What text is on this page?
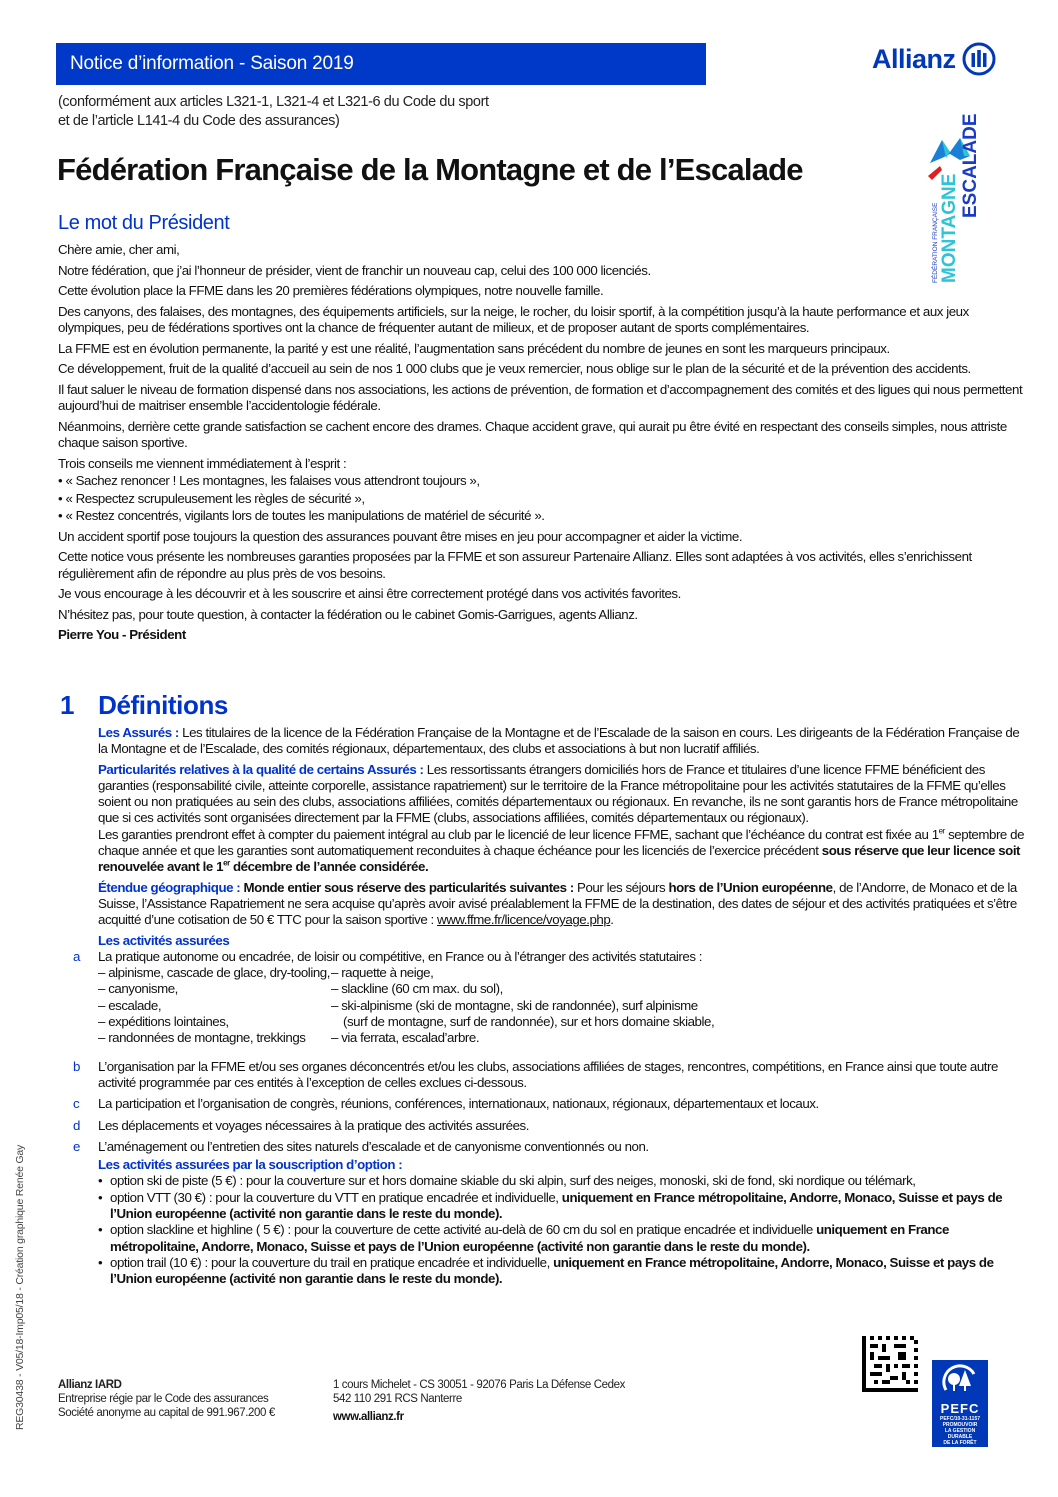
Notice d’information - Saison 2019	Allianz
(conformément aux articles L321-1, L321-4 et L321-6 du Code du sport
et de l’article L141-4 du Code des assurances)
Fédération Française de la Montagne et de l’Escalade
FÉDÉRATION FRANÇAISE MONTAGNE
ESCALADE
Le mot du Président

Chère amie, cher ami,

Notre fédération, que j’ai l’honneur de présider, vient de franchir un nouveau cap, celui des 100 000 licenciés.

Cette évolution place la FFME dans les 20 premières fédérations olympiques, notre nouvelle famille.

Des canyons, des falaises, des montagnes, des équipements artificiels, sur la neige, le rocher, du loisir sportif, à la compétition jusqu’à la haute performance et aux jeux olympiques, peu de fédérations sportives ont la chance de fréquenter autant de milieux, et de proposer autant de sports complémentaires.

La FFME est en évolution permanente, la parité y est une réalité, l’augmentation sans précédent du nombre de jeunes en sont les marqueurs principaux.

Ce développement, fruit de la qualité d’accueil au sein de nos 1 000 clubs que je veux remercier, nous oblige sur le plan de la sécurité et de la prévention des accidents.

Il faut saluer le niveau de formation dispensé dans nos associations, les actions de prévention, de formation et d’accompagnement des comités et des ligues qui nous permettent aujourd’hui de maitriser ensemble l’accidentologie fédérale.

Néanmoins, derrière cette grande satisfaction se cachent encore des drames. Chaque accident grave, qui aurait pu être évité en respectant des conseils simples, nous attriste chaque saison sportive.

Trois conseils me viennent immédiatement à l’esprit :

• « Sachez renoncer ! Les montagnes, les falaises vous attendront toujours »,

• « Respectez scrupuleusement les règles de sécurité »,

• « Restez concentrés, vigilants lors de toutes les manipulations de matériel de sécurité ».

Un accident sportif pose toujours la question des assurances pouvant être mises en jeu pour accompagner et aider la victime.

Cette notice vous présente les nombreuses garanties proposées par la FFME et son assureur Partenaire Allianz. Elles sont adaptées à vos activités, elles s’enrichissent régulièrement afin de répondre au plus près de vos besoins.

Je vous encourage à les découvrir et à les souscrire et ainsi être correctement protégé dans vos activités favorites.

N’hésitez pas, pour toute question, à contacter la fédération ou le cabinet Gomis-Garrigues, agents Allianz.

Pierre You - Président

1 Définitions

Les Assurés : Les titulaires de la licence de la Fédération Française de la Montagne et de l’Escalade de la saison en cours. Les dirigeants de la Fédération Française de la Montagne et de l’Escalade, des comités régionaux, départementaux, des clubs et associations à but non lucratif affiliés.

Particularités relatives à la qualité de certains Assurés : Les ressortissants étrangers domiciliés hors de France et titulaires d’une licence FFME bénéficient des garanties (responsabilité civile, atteinte corporelle, assistance rapatriement) sur le territoire de la France métropolitaine pour les activités statutaires de la FFME qu’elles soient ou non pratiquées au sein des clubs, associations affiliées, comités départementaux ou régionaux. En revanche, ils ne sont garantis hors de France métropolitaine que si ces activités sont organisées directement par la FFME (clubs, associations affiliées, comités départementaux ou régionaux).

Les garanties prendront effet à compter du paiement intégral au club par le licencié de leur licence FFME, sachant que l’échéance du contrat est fixée au 1er septembre de chaque année et que les garanties sont automatiquement reconduites à chaque échéance pour les licenciés de l’exercice précédent sous réserve que leur licence soit renouvelée avant le 1er décembre de l’année considérée.

Étendue géographique : Monde entier sous réserve des particularités suivantes : Pour les séjours hors de l’Union européenne, de l’Andorre, de Monaco et de la Suisse, l’Assistance Rapatriement ne sera acquise qu’après avoir avisé préalablement la FFME de la destination, des dates de séjour et des activités pratiquées et s’être acquitté d’une cotisation de 50 € TTC pour la saison sportive : www.ffme.fr/licence/voyage.php.

Les activités assurées
a La pratique autonome ou encadrée, de loisir ou compétitive, en France ou à l’étranger des activités statutaires :
– alpinisme, cascade de glace, dry-tooling,
– canyonisme,
– escalade,
– expéditions lointaines,
– randonnées de montagne, trekkings
– raquette à neige,
– slackline (60 cm max. du sol),
– ski-alpinisme (ski de montagne, ski de randonnée), surf alpinisme
(surf de montagne, surf de randonnée), sur et hors domaine skiable,
– via ferrata, escalad’arbre.
b L’organisation par la FFME et/ou ses organes déconcentrés et/ou les clubs, associations affiliées de stages, rencontres, compétitions, en France ainsi que toute autre activité programmée par ces entités à l’exception de celles exclues ci-dessous.
c La participation et l’organisation de congrès, réunions, conférences, internationaux, nationaux, régionaux, départementaux et locaux.
d Les déplacements et voyages nécessaires à la pratique des activités assurées.
e L’aménagement ou l’entretien des sites naturels d’escalade et de canyonisme conventionnés ou non.
Les activités assurées par la souscription d’option :
• option ski de piste (5 €) : pour la couverture sur et hors domaine skiable du ski alpin, surf des neiges, monoski, ski de fond, ski nordique ou télémark,
• option VTT (30 €) : pour la couverture du VTT en pratique encadrée et individuelle, uniquement en France métropolitaine, Andorre, Monaco, Suisse et pays de l’Union européenne (activité non garantie dans le reste du monde).
• option slackline et highline ( 5 €) : pour la couverture de cette activité au-delà de 60 cm du sol en pratique encadrée et individuelle uniquement en France métropolitaine, Andorre, Monaco, Suisse et pays de l’Union européenne (activité non garantie dans le reste du monde).
• option trail (10 €) : pour la couverture du trail en pratique encadrée et individuelle, uniquement en France métropolitaine, Andorre, Monaco, Suisse et pays de l’Union européenne (activité non garantie dans le reste du monde).
REG30438 - V05/18-Imp05/18 - Création graphique Renée Gay	Allianz IARD
Entreprise régie par le Code des assurances
Société anonyme au capital de 991.967.200 €
1 cours Michelet - CS 30051 - 92076 Paris La Défense Cedex
542 110 291 RCS Nanterre
www.allianz.fr
PEFC
PEFC/10-31-1157
PROMOUVOIR
LA GESTION DURABLE
DE LA FORÊT
